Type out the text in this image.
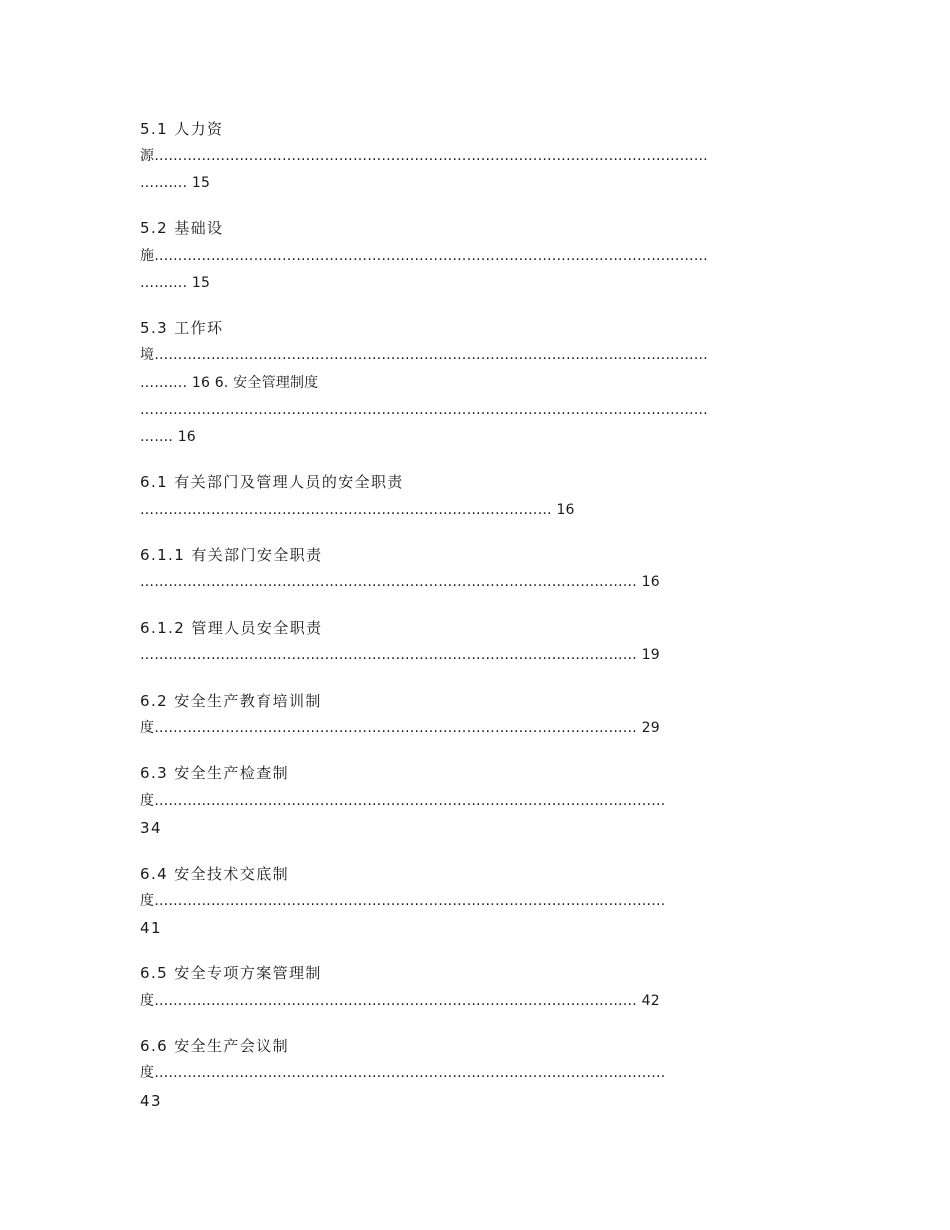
5.1 人力资
源………………………………………………………………………………………………………
………. 15
5.2 基础设
施………………………………………………………………………………………………………
………. 15
5.3 工作环
境………………………………………………………………………………………………………
………. 16 6. 安全管理制度
…………………………………………………………………………………………………………
……. 16
6.1 有关部门及管理人员的安全职责
…………………………………………………………………………… 16
6.1.1 有关部门安全职责
…………………………………………………………………………………………… 16
6.1.2 管理人员安全职责
…………………………………………………………………………………………… 19
6.2 安全生产教育培训制
度………………………………………………………………………………………… 29
6.3 安全生产检查制
度………………………………………………………………………………………………
34
6.4 安全技术交底制
度………………………………………………………………………………………………
41
6.5 安全专项方案管理制
度………………………………………………………………………………………… 42
6.6 安全生产会议制
度………………………………………………………………………………………………
43
